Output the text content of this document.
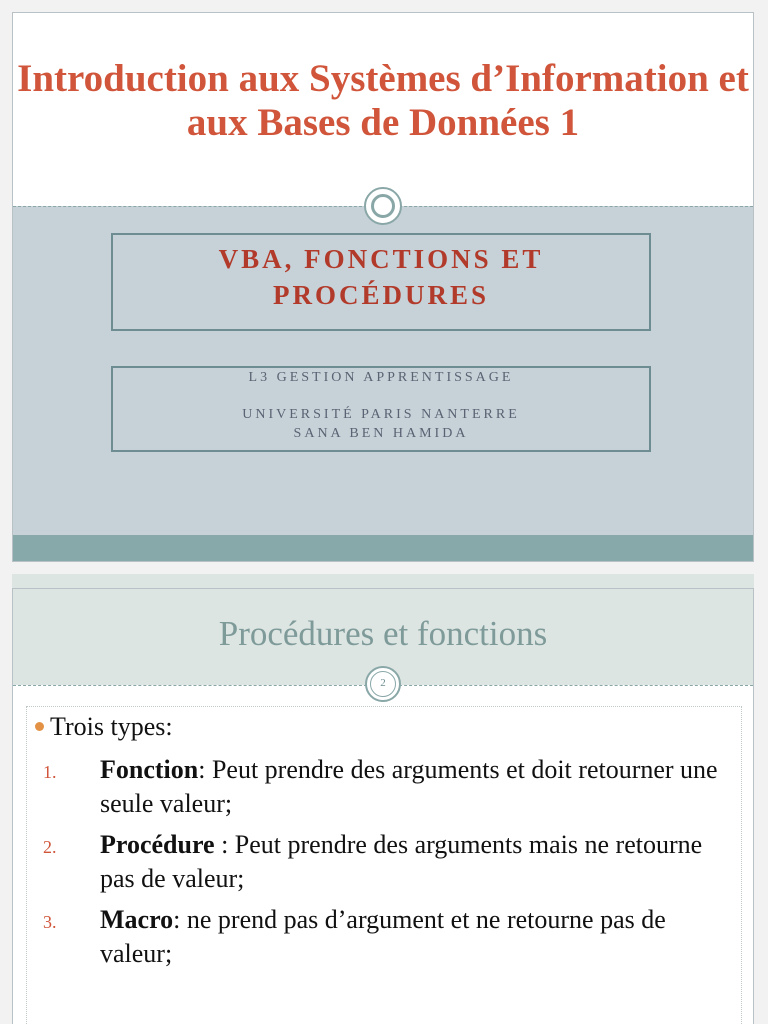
Introduction aux Systèmes d’Information et aux Bases de Données 1
VBA, FONCTIONS ET
PROCÉDURES
L3 GESTION APPRENTISSAGE
UNIVERSITÉ PARIS NANTERRE
SANA BEN HAMIDA
Procédures et fonctions
2
Trois types:
1. Fonction: Peut prendre des arguments et doit retourner une seule valeur;
2. Procédure : Peut prendre des arguments mais ne retourne pas de valeur;
3. Macro: ne prend pas d’argument et ne retourne pas de valeur;
